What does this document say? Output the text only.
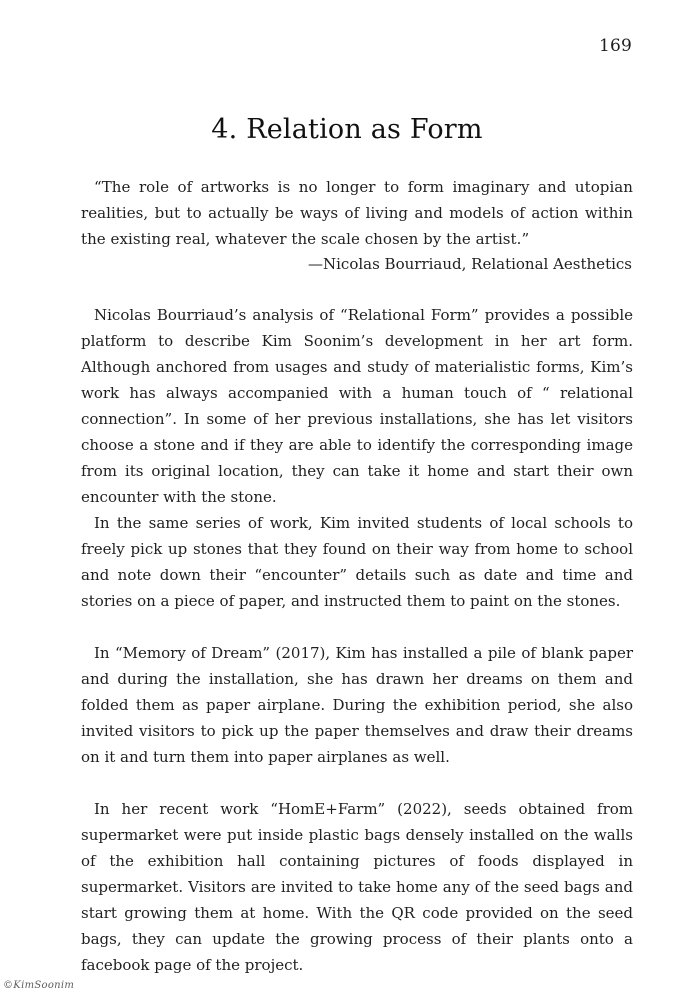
169
4. Relation as Form
“The role of artworks is no longer to form imaginary and utopian realities, but to actually be ways of living and models of action within the existing real, whatever the scale chosen by the artist.”
—Nicolas Bourriaud, Relational Aesthetics

Nicolas Bourriaud’s analysis of “Relational Form” provides a possible platform to describe Kim Soonim’s development in her art form. Although anchored from usages and study of materialistic forms, Kim’s work has always accompanied with a human touch of “ relational connection”. In some of her previous installations, she has let visitors choose a stone and if they are able to identify the corresponding image from its original location, they can take it home and start their own encounter with the stone.

In the same series of work, Kim invited students of local schools to freely pick up stones that they found on their way from home to school and note down their “encounter” details such as date and time and stories on a piece of paper, and instructed them to paint on the stones.

In “Memory of Dream” (2017), Kim has installed a pile of blank paper and during the installation, she has drawn her dreams on them and folded them as paper airplane. During the exhibition period, she also invited visitors to pick up the paper themselves and draw their dreams on it and turn them into paper airplanes as well.

In her recent work “HomE+Farm” (2022), seeds obtained from supermarket were put inside plastic bags densely installed on the walls of the exhibition hall containing pictures of foods displayed in supermarket. Visitors are invited to take home any of the seed bags and start growing them at home. With the QR code provided on the seed bags, they can update the growing process of their plants onto a facebook page of the project.

©KimSoonim
